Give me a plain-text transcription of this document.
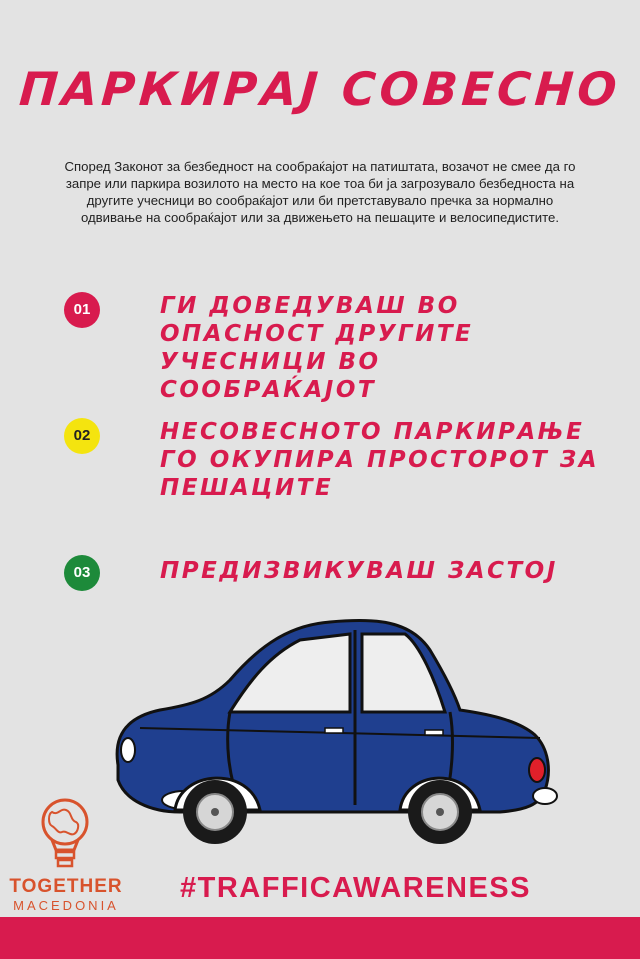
ПАРКИРАЈ СОВЕСНО
Според Законот за безбедност на сообраќајот на патиштата, возачот не смее да го запре или паркира возилото на место на кое тоа би ја загрозувало безбедноста на другите учесници во сообраќајот или би претставувало пречка за нормално одвивање на сообраќајот или за движењето на пешаците и велосипедистите.
01	ГИ ДОВЕДУВАШ ВО ОПАСНОСТ ДРУГИТЕ УЧЕСНИЦИ ВО СООБРАЌАЈОТ
02	НЕСОВЕСНОТО ПАРКИРАЊЕ ГО ОКУПИРА ПРОСТОРОТ ЗА ПЕШАЦИТЕ
03	ПРЕДИЗВИКУВАШ ЗАСТОЈ
TOGETHER
MACEDONIA
#TRAFFICAWARENESS
